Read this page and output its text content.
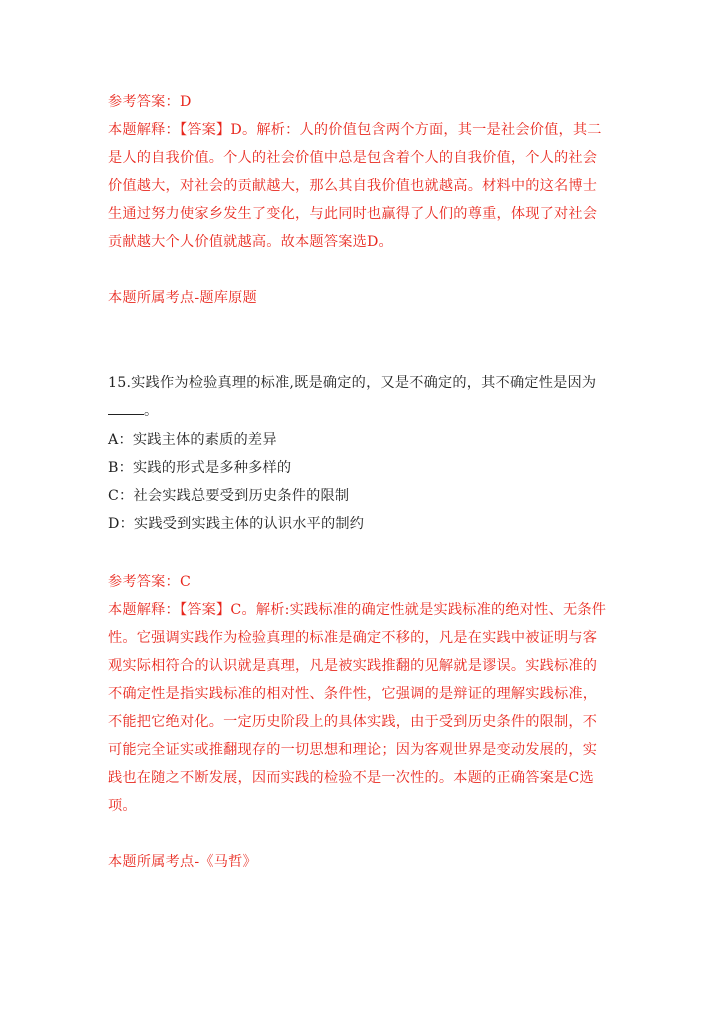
参考答案：D
本题解释：【答案】D。解析：人的价值包含两个方面，其一是社会价值，其二
是人的自我价值。个人的社会价值中总是包含着个人的自我价值，个人的社会
价值越大，对社会的贡献越大，那么其自我价值也就越高。材料中的这名博士
生通过努力使家乡发生了变化，与此同时也赢得了人们的尊重，体现了对社会
贡献越大个人价值就越高。故本题答案选D。
本题所属考点-题库原题
15.实践作为检验真理的标准,既是确定的，又是不确定的，其不确定性是因为
。
A：实践主体的素质的差异
B：实践的形式是多种多样的
C：社会实践总要受到历史条件的限制
D：实践受到实践主体的认识水平的制约
参考答案：C
本题解释：【答案】C。解析:实践标准的确定性就是实践标准的绝对性、无条件
性。它强调实践作为检验真理的标准是确定不移的，凡是在实践中被证明与客
观实际相符合的认识就是真理，凡是被实践推翻的见解就是谬误。实践标准的
不确定性是指实践标准的相对性、条件性，它强调的是辩证的理解实践标准，
不能把它绝对化。一定历史阶段上的具体实践，由于受到历史条件的限制，不
可能完全证实或推翻现存的一切思想和理论；因为客观世界是变动发展的，实
践也在随之不断发展，因而实践的检验不是一次性的。本题的正确答案是C选
项。
本题所属考点-《马哲》
